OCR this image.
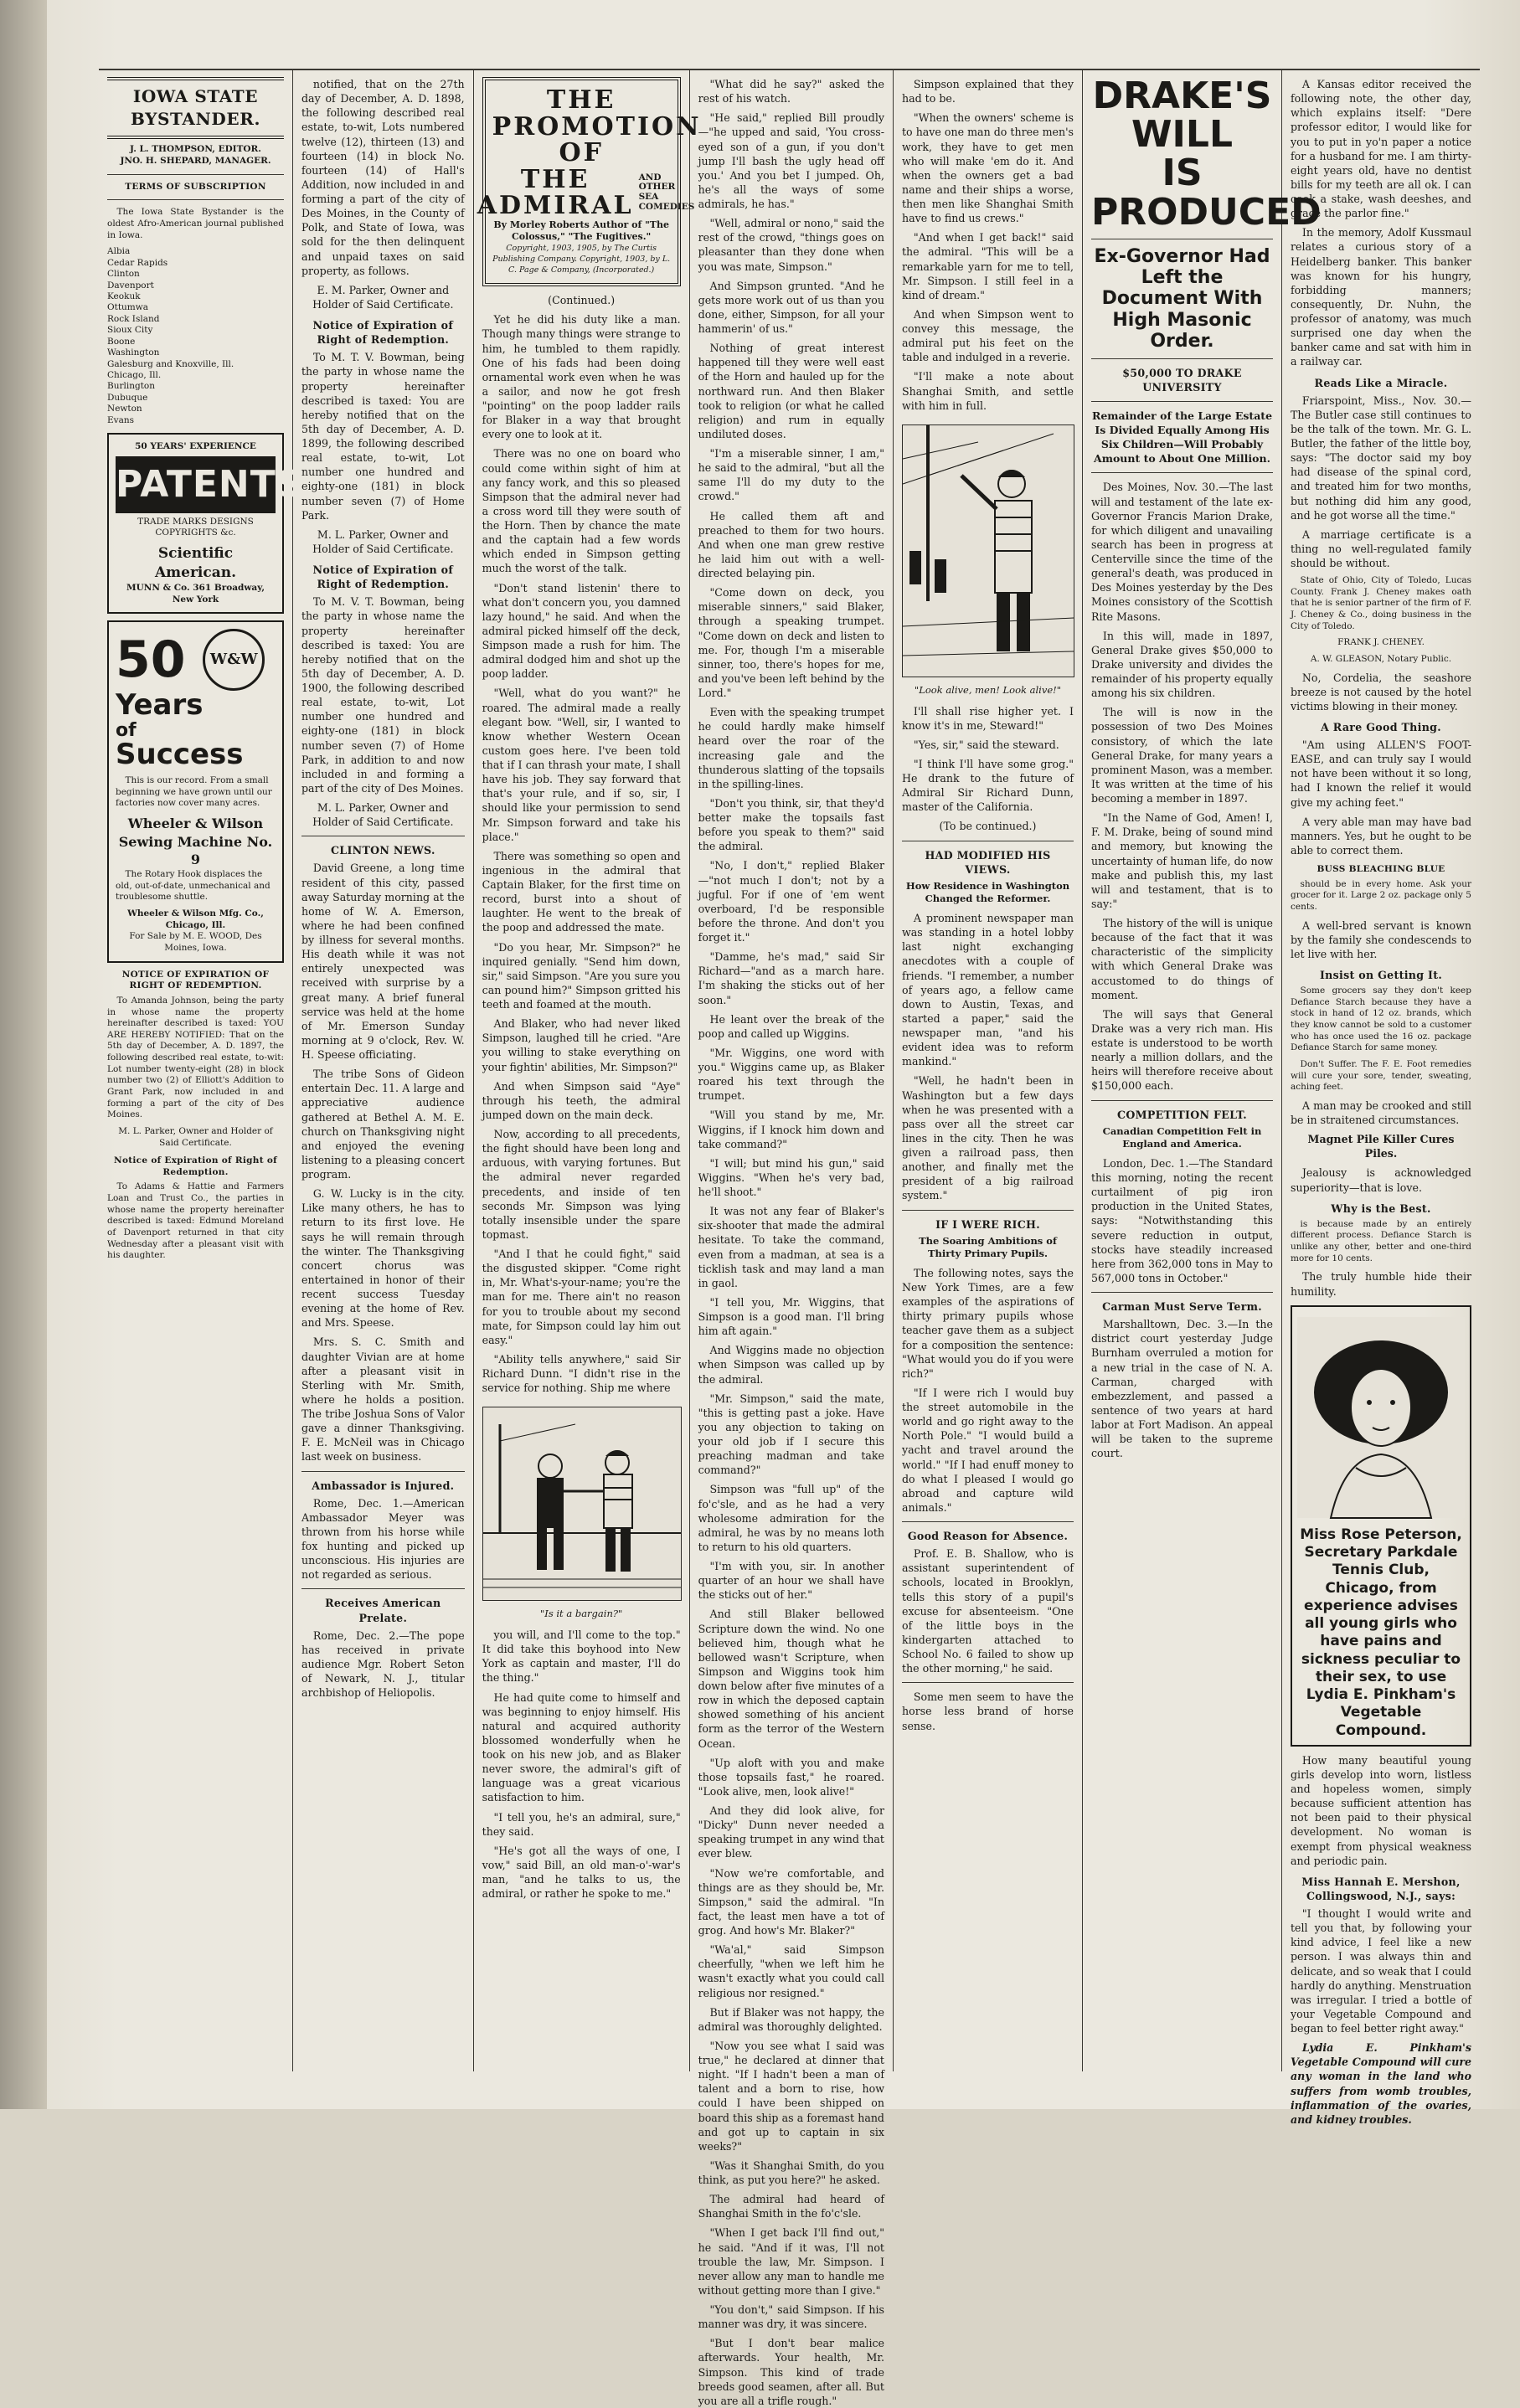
IOWA STATE BYSTANDER.
J. L. THOMPSON, EDITOR.
JNO. H. SHEPARD, MANAGER.

TERMS OF SUBSCRIPTION

The Iowa State Bystander is the oldest Afro-American journal published in Iowa.

Albia
Cedar Rapids
Clinton
Davenport
Keokuk
Ottumwa
Rock Island
Sioux City
Boone
Washington
Galesburg and Knoxville, Ill.
Chicago, Ill.
Burlington
Dubuque
Newton
Evans
50 YEARS' EXPERIENCE
PATENTS
TRADE MARKS DESIGNS COPYRIGHTS &c.
Scientific American.
MUNN & Co. 361 Broadway, New York
50	W&W
Years
of
Success

This is our record. From a small beginning we have grown until our factories now cover many acres.

Wheeler & Wilson Sewing Machine No. 9

The Rotary Hook displaces the old, out-of-date, unmechanical and troublesome shuttle.

Wheeler & Wilson Mfg. Co., Chicago, Ill.
For Sale by M. E. WOOD, Des Moines, Iowa.

NOTICE OF EXPIRATION OF RIGHT OF REDEMPTION.

To Amanda Johnson, being the party in whose name the property hereinafter described is taxed: YOU ARE HEREBY NOTIFIED: That on the 5th day of December, A. D. 1897, the following described real estate, to-wit: Lot number twenty-eight (28) in block number two (2) of Elliott's Addition to Grant Park, now included in and forming a part of the city of Des Moines.

M. L. Parker, Owner and Holder of Said Certificate.

Notice of Expiration of Right of Redemption.

To Adams & Hattie and Farmers Loan and Trust Co., the parties in whose name the property hereinafter described is taxed: Edmund Moreland of Davenport returned in that city Wednesday after a pleasant visit with his daughter.

notified, that on the 27th day of December, A. D. 1898, the following described real estate, to-wit, Lots numbered twelve (12), thirteen (13) and fourteen (14) in block No. fourteen (14) of Hall's Addition, now included in and forming a part of the city of Des Moines, in the County of Polk, and State of Iowa, was sold for the then delinquent and unpaid taxes on said property, as follows.

E. M. Parker, Owner and Holder of Said Certificate.

Notice of Expiration of Right of Redemption.

To M. T. V. Bowman, being the party in whose name the property hereinafter described is taxed: You are hereby notified that on the 5th day of December, A. D. 1899, the following described real estate, to-wit, Lot number one hundred and eighty-one (181) in block number seven (7) of Home Park.

M. L. Parker, Owner and Holder of Said Certificate.

Notice of Expiration of Right of Redemption.

To M. V. T. Bowman, being the party in whose name the property hereinafter described is taxed: You are hereby notified that on the 5th day of December, A. D. 1900, the following described real estate, to-wit, Lot number one hundred and eighty-one (181) in block number seven (7) of Home Park, in addition to and now included in and forming a part of the city of Des Moines.

M. L. Parker, Owner and Holder of Said Certificate.

CLINTON NEWS.

David Greene, a long time resident of this city, passed away Saturday morning at the home of W. A. Emerson, where he had been confined by illness for several months. His death while it was not entirely unexpected was received with surprise by a great many. A brief funeral service was held at the home of Mr. Emerson Sunday morning at 9 o'clock, Rev. W. H. Speese officiating.

The tribe Sons of Gideon entertain Dec. 11. A large and appreciative audience gathered at Bethel A. M. E. church on Thanksgiving night and enjoyed the evening listening to a pleasing concert program.

G. W. Lucky is in the city. Like many others, he has to return to its first love. He says he will remain through the winter. The Thanksgiving concert chorus was entertained in honor of their recent success Tuesday evening at the home of Rev. and Mrs. Speese.

Mrs. S. C. Smith and daughter Vivian are at home after a pleasant visit in Sterling with Mr. Smith, where he holds a position. The tribe Joshua Sons of Valor gave a dinner Thanksgiving. F. E. McNeil was in Chicago last week on business.

Ambassador is Injured.

Rome, Dec. 1.—American Ambassador Meyer was thrown from his horse while fox hunting and picked up unconscious. His injuries are not regarded as serious.

Receives American Prelate.

Rome, Dec. 2.—The pope has received in private audience Mgr. Robert Seton of Newark, N. J., titular archbishop of Heliopolis.

THE PROMOTION OF
THE ADMIRAL
AND OTHER SEA COMEDIES
By Morley Roberts Author of "The Colossus," "The Fugitives."
Copyright, 1903, 1905, by The Curtis Publishing Company. Copyright, 1903, by L. C. Page & Company, (Incorporated.)

(Continued.)

Yet he did his duty like a man. Though many things were strange to him, he tumbled to them rapidly. One of his fads had been doing ornamental work even when he was a sailor, and now he got fresh "pointing" on the poop ladder rails for Blaker in a way that brought every one to look at it.

There was no one on board who could come within sight of him at any fancy work, and this so pleased Simpson that the admiral never had a cross word till they were south of the Horn. Then by chance the mate and the captain had a few words which ended in Simpson getting much the worst of the talk.

"Don't stand listenin' there to what don't concern you, you damned lazy hound," he said. And when the admiral picked himself off the deck, Simpson made a rush for him. The admiral dodged him and shot up the poop ladder.

"Well, what do you want?" he roared. The admiral made a really elegant bow. "Well, sir, I wanted to know whether Western Ocean custom goes here. I've been told that if I can thrash your mate, I shall have his job. They say forward that that's your rule, and if so, sir, I should like your permission to send Mr. Simpson forward and take his place."

There was something so open and ingenious in the admiral that Captain Blaker, for the first time on record, burst into a shout of laughter. He went to the break of the poop and addressed the mate.

"Do you hear, Mr. Simpson?" he inquired genially. "Send him down, sir," said Simpson. "Are you sure you can pound him?" Simpson gritted his teeth and foamed at the mouth.

And Blaker, who had never liked Simpson, laughed till he cried. "Are you willing to stake everything on your fightin' abilities, Mr. Simpson?"

And when Simpson said "Aye" through his teeth, the admiral jumped down on the main deck.

Now, according to all precedents, the fight should have been long and arduous, with varying fortunes. But the admiral never regarded precedents, and inside of ten seconds Mr. Simpson was lying totally insensible under the spare topmast.

"And I that he could fight," said the disgusted skipper. "Come right in, Mr. What's-your-name; you're the man for me. There ain't no reason for you to trouble about my second mate, for Simpson could lay him out easy."

"Ability tells anywhere," said Sir Richard Dunn. "I didn't rise in the service for nothing. Ship me where

"Is it a bargain?"

you will, and I'll come to the top." It did take this boyhood into New York as captain and master, I'll do the thing."

He had quite come to himself and was beginning to enjoy himself. His natural and acquired authority blossomed wonderfully when he took on his new job, and as Blaker never swore, the admiral's gift of language was a great vicarious satisfaction to him.

"I tell you, he's an admiral, sure," they said.

"He's got all the ways of one, I vow," said Bill, an old man-o'-war's man, "and he talks to us, the admiral, or rather he spoke to me."

"What did he say?" asked the rest of his watch.

"He said," replied Bill proudly—"he upped and said, 'You cross-eyed son of a gun, if you don't jump I'll bash the ugly head off you.' And you bet I jumped. Oh, he's all the ways of some admirals, he has."

"Well, admiral or nono," said the rest of the crowd, "things goes on pleasanter than they done when you was mate, Simpson."

And Simpson grunted. "And he gets more work out of us than you done, either, Simpson, for all your hammerin' of us."

Nothing of great interest happened till they were well east of the Horn and hauled up for the northward run. And then Blaker took to religion (or what he called religion) and rum in equally undiluted doses.

"I'm a miserable sinner, I am," he said to the admiral, "but all the same I'll do my duty to the crowd."

He called them aft and preached to them for two hours. And when one man grew restive he laid him out with a well-directed belaying pin.

"Come down on deck, you miserable sinners," said Blaker, through a speaking trumpet. "Come down on deck and listen to me. For, though I'm a miserable sinner, too, there's hopes for me, and you've been left behind by the Lord."

Even with the speaking trumpet he could hardly make himself heard over the roar of the increasing gale and the thunderous slatting of the topsails in the spilling-lines.

"Don't you think, sir, that they'd better make the topsails fast before you speak to them?" said the admiral.

"No, I don't," replied Blaker—"not much I don't; not by a jugful. For if one of 'em went overboard, I'd be responsible before the throne. And don't you forget it."

"Damme, he's mad," said Sir Richard—"and as a march hare. I'm shaking the sticks out of her soon."

He leant over the break of the poop and called up Wiggins.

"Mr. Wiggins, one word with you." Wiggins came up, as Blaker roared his text through the trumpet.

"Will you stand by me, Mr. Wiggins, if I knock him down and take command?"

"I will; but mind his gun," said Wiggins. "When he's very bad, he'll shoot."

It was not any fear of Blaker's six-shooter that made the admiral hesitate. To take the command, even from a madman, at sea is a ticklish task and may land a man in gaol.

"I tell you, Mr. Wiggins, that Simpson is a good man. I'll bring him aft again."

And Wiggins made no objection when Simpson was called up by the admiral.

"Mr. Simpson," said the mate, "this is getting past a joke. Have you any objection to taking on your old job if I secure this preaching madman and take command?"

Simpson was "full up" of the fo'c'sle, and as he had a very wholesome admiration for the admiral, he was by no means loth to return to his old quarters.

"I'm with you, sir. In another quarter of an hour we shall have the sticks out of her."

And still Blaker bellowed Scripture down the wind. No one believed him, though what he bellowed wasn't Scripture, when Simpson and Wiggins took him down below after five minutes of a row in which the deposed captain showed something of his ancient form as the terror of the Western Ocean.

"Up aloft with you and make those topsails fast," he roared. "Look alive, men, look alive!"

And they did look alive, for "Dicky" Dunn never needed a speaking trumpet in any wind that ever blew.

"Now we're comfortable, and things are as they should be, Mr. Simpson," said the admiral. "In fact, the least men have a tot of grog. And how's Mr. Blaker?"

"Wa'al," said Simpson cheerfully, "when we left him he wasn't exactly what you could call religious nor resigned."

But if Blaker was not happy, the admiral was thoroughly delighted.

"Now you see what I said was true," he declared at dinner that night. "If I hadn't been a man of talent and a born to rise, how could I have been shipped on board this ship as a foremast hand and got up to captain in six weeks?"

"Was it Shanghai Smith, do you think, as put you here?" he asked.

The admiral had heard of Shanghai Smith in the fo'c'sle.

"When I get back I'll find out," he said. "And if it was, I'll not trouble the law, Mr. Simpson. I never allow any man to handle me without getting more than I give."

"You don't," said Simpson. If his manner was dry, it was sincere.

"But I don't bear malice afterwards. Your health, Mr. Simpson. This kind of trade breeds good seamen, after all. But you are all a trifle rough."

Simpson explained that they had to be.

"When the owners' scheme is to have one man do three men's work, they have to get men who will make 'em do it. And when the owners get a bad name and their ships a worse, then men like Shanghai Smith have to find us crews."

"And when I get back!" said the admiral. "This will be a remarkable yarn for me to tell, Mr. Simpson. I still feel in a kind of dream."

And when Simpson went to convey this message, the admiral put his feet on the table and indulged in a reverie.

"I'll make a note about Shanghai Smith, and settle with him in full.

"Look alive, men! Look alive!"

I'll shall rise higher yet. I know it's in me, Steward!"

"Yes, sir," said the steward.

"I think I'll have some grog." He drank to the future of Admiral Sir Richard Dunn, master of the California.

(To be continued.)

HAD MODIFIED HIS VIEWS.

How Residence in Washington Changed the Reformer.

A prominent newspaper man was standing in a hotel lobby last night exchanging anecdotes with a couple of friends. "I remember, a number of years ago, a fellow came down to Austin, Texas, and started a paper," said the newspaper man, "and his evident idea was to reform mankind."

"Well, he hadn't been in Washington but a few days when he was presented with a pass over all the street car lines in the city. Then he was given a railroad pass, then another, and finally met the president of a big railroad system."

IF I WERE RICH.

The Soaring Ambitions of Thirty Primary Pupils.

The following notes, says the New York Times, are a few examples of the aspirations of thirty primary pupils whose teacher gave them as a subject for a composition the sentence: "What would you do if you were rich?"

"If I were rich I would buy the street automobile in the world and go right away to the North Pole." "I would build a yacht and travel around the world." "If I had enuff money to do what I pleased I would go abroad and capture wild animals."

Good Reason for Absence.

Prof. E. B. Shallow, who is assistant superintendent of schools, located in Brooklyn, tells this story of a pupil's excuse for absenteeism. "One of the little boys in the kindergarten attached to School No. 6 failed to show up the other morning," he said.

Some men seem to have the horse less brand of horse sense.

DRAKE'S WILL
IS PRODUCED
Ex-Governor Had Left the Document With High Masonic Order.

$50,000 TO DRAKE UNIVERSITY

Remainder of the Large Estate Is Divided Equally Among His Six Children—Will Probably Amount to About One Million.

Des Moines, Nov. 30.—The last will and testament of the late ex-Governor Francis Marion Drake, for which diligent and unavailing search has been in progress at Centerville since the time of the general's death, was produced in Des Moines yesterday by the Des Moines consistory of the Scottish Rite Masons.

In this will, made in 1897, General Drake gives $50,000 to Drake university and divides the remainder of his property equally among his six children.

The will is now in the possession of two Des Moines consistory, of which the late General Drake, for many years a prominent Mason, was a member. It was written at the time of his becoming a member in 1897.

"In the Name of God, Amen! I, F. M. Drake, being of sound mind and memory, but knowing the uncertainty of human life, do now make and publish this, my last will and testament, that is to say:"

The history of the will is unique because of the fact that it was characteristic of the simplicity with which General Drake was accustomed to do things of moment.

The will says that General Drake was a very rich man. His estate is understood to be worth nearly a million dollars, and the heirs will therefore receive about $150,000 each.

COMPETITION FELT.

Canadian Competition Felt in England and America.

London, Dec. 1.—The Standard this morning, noting the recent curtailment of pig iron production in the United States, says: "Notwithstanding this severe reduction in output, stocks have steadily increased here from 362,000 tons in May to 567,000 tons in October."

Carman Must Serve Term.

Marshalltown, Dec. 3.—In the district court yesterday Judge Burnham overruled a motion for a new trial in the case of N. A. Carman, charged with embezzlement, and passed a sentence of two years at hard labor at Fort Madison. An appeal will be taken to the supreme court.

A Kansas editor received the following note, the other day, which explains itself: "Dere professor editor, I would like for you to put in yo'n paper a notice for a husband for me. I am thirty-eight years old, have no dentist bills for my teeth are all ok. I can cook a stake, wash deeshes, and grace the parlor fine."

In the memory, Adolf Kussmaul relates a curious story of a Heidelberg banker. This banker was known for his hungry, forbidding manners; consequently, Dr. Nuhn, the professor of anatomy, was much surprised one day when the banker came and sat with him in a railway car.

Reads Like a Miracle.

Friarspoint, Miss., Nov. 30.—The Butler case still continues to be the talk of the town. Mr. G. L. Butler, the father of the little boy, says: "The doctor said my boy had disease of the spinal cord, and treated him for two months, but nothing did him any good, and he got worse all the time."

A marriage certificate is a thing no well-regulated family should be without.

State of Ohio, City of Toledo, Lucas County. Frank J. Cheney makes oath that he is senior partner of the firm of F. J. Cheney & Co., doing business in the City of Toledo.

FRANK J. CHENEY.

A. W. GLEASON, Notary Public.

No, Cordelia, the seashore breeze is not caused by the hotel victims blowing in their money.

A Rare Good Thing.

"Am using ALLEN'S FOOT-EASE, and can truly say I would not have been without it so long, had I known the relief it would give my aching feet."

A very able man may have bad manners. Yes, but he ought to be able to correct them.

BUSS BLEACHING BLUE

should be in every home. Ask your grocer for it. Large 2 oz. package only 5 cents.

A well-bred servant is known by the family she condescends to let live with her.

Insist on Getting It.

Some grocers say they don't keep Defiance Starch because they have a stock in hand of 12 oz. brands, which they know cannot be sold to a customer who has once used the 16 oz. package Defiance Starch for same money.

Don't Suffer. The F. E. Foot remedies will cure your sore, tender, sweating, aching feet.

A man may be crooked and still be in straitened circumstances.

Magnet Pile Killer Cures Piles.

Jealousy is acknowledged superiority—that is love.

Why is the Best.

is because made by an entirely different process. Defiance Starch is unlike any other, better and one-third more for 10 cents.

The truly humble hide their humility.

Miss Rose Peterson, Secretary Parkdale Tennis Club, Chicago, from experience advises all young girls who have pains and sickness peculiar to their sex, to use Lydia E. Pinkham's Vegetable Compound.

How many beautiful young girls develop into worn, listless and hopeless women, simply because sufficient attention has not been paid to their physical development. No woman is exempt from physical weakness and periodic pain.

Miss Hannah E. Mershon, Collingswood, N.J., says:

"I thought I would write and tell you that, by following your kind advice, I feel like a new person. I was always thin and delicate, and so weak that I could hardly do anything. Menstruation was irregular. I tried a bottle of your Vegetable Compound and began to feel better right away."

Lydia E. Pinkham's Vegetable Compound will cure any woman in the land who suffers from womb troubles, inflammation of the ovaries, and kidney troubles.
